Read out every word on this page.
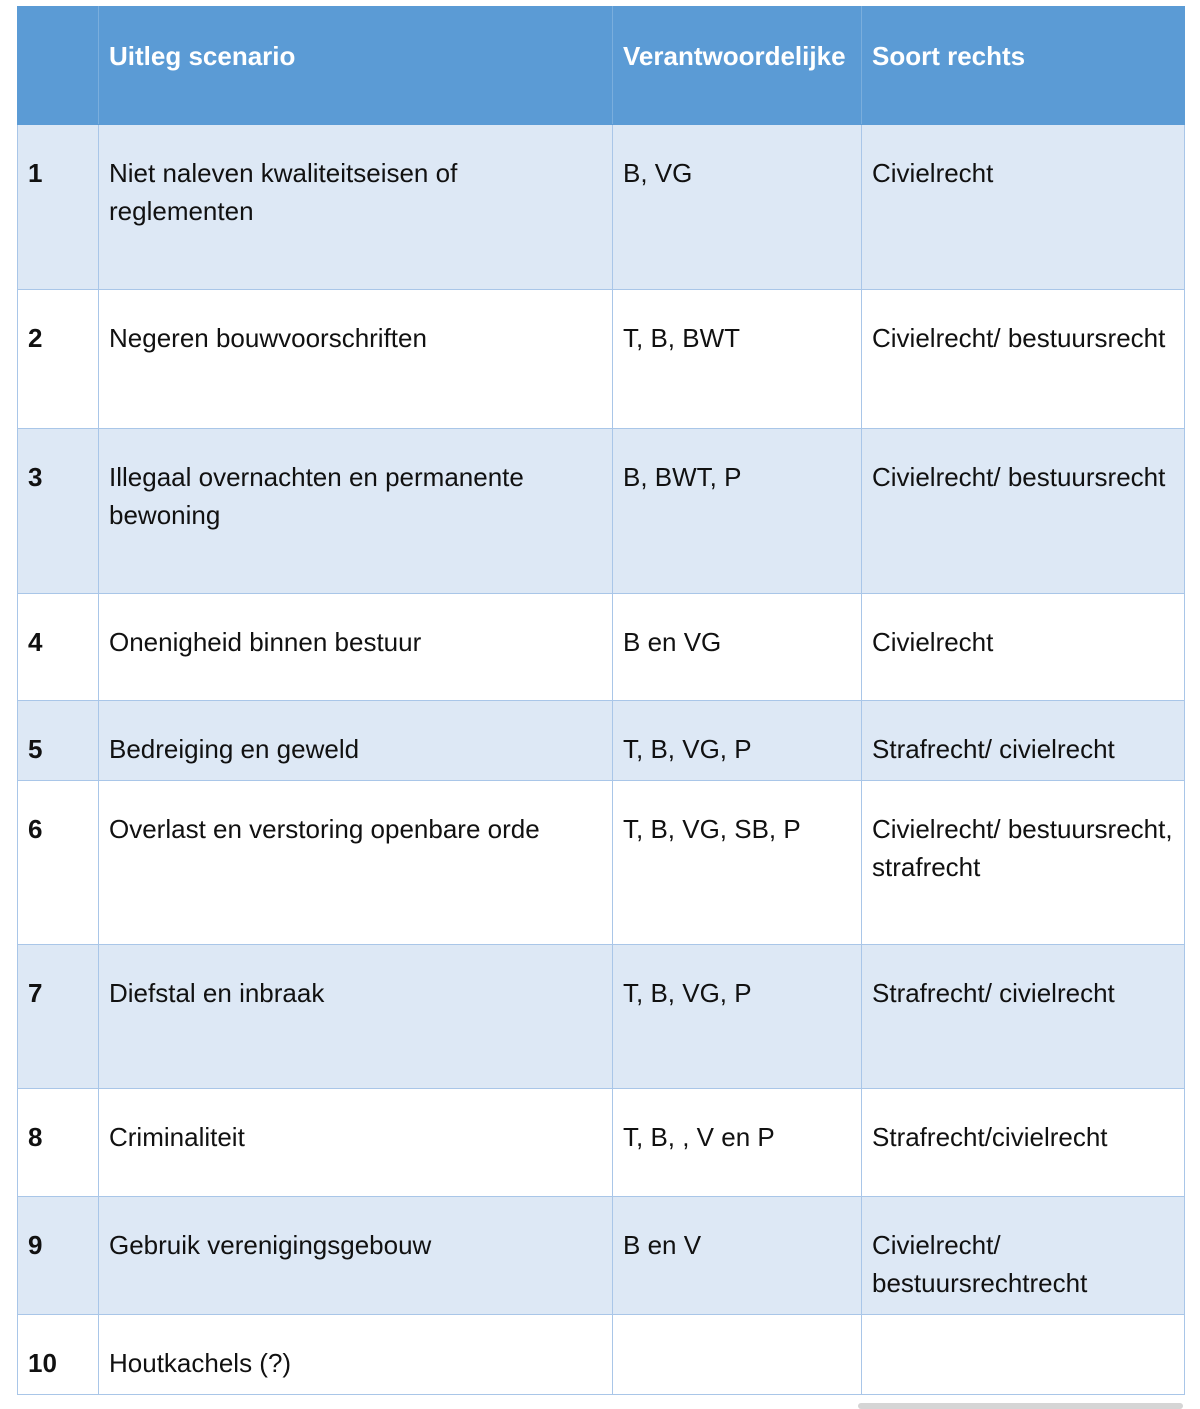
	Uitleg scenario	Verantwoordelijke	Soort rechts
1	Niet naleven kwaliteitseisen of reglementen	B, VG	Civielrecht
2	Negeren bouwvoorschriften	T, B, BWT	Civielrecht/ bestuursrecht
3	Illegaal overnachten en permanente bewoning	B, BWT, P	Civielrecht/ bestuursrecht
4	Onenigheid binnen bestuur	B en VG	Civielrecht
5	Bedreiging en geweld	T, B, VG, P	Strafrecht/ civielrecht
6	Overlast en verstoring openbare orde	T, B, VG, SB, P	Civielrecht/ bestuursrecht, strafrecht
7	Diefstal en inbraak	T, B, VG, P	Strafrecht/ civielrecht
8	Criminaliteit	T, B, , V en P	Strafrecht/civielrecht
9	Gebruik verenigingsgebouw	B en V	Civielrecht/ bestuursrechtrecht
10	Houtkachels (?)		
